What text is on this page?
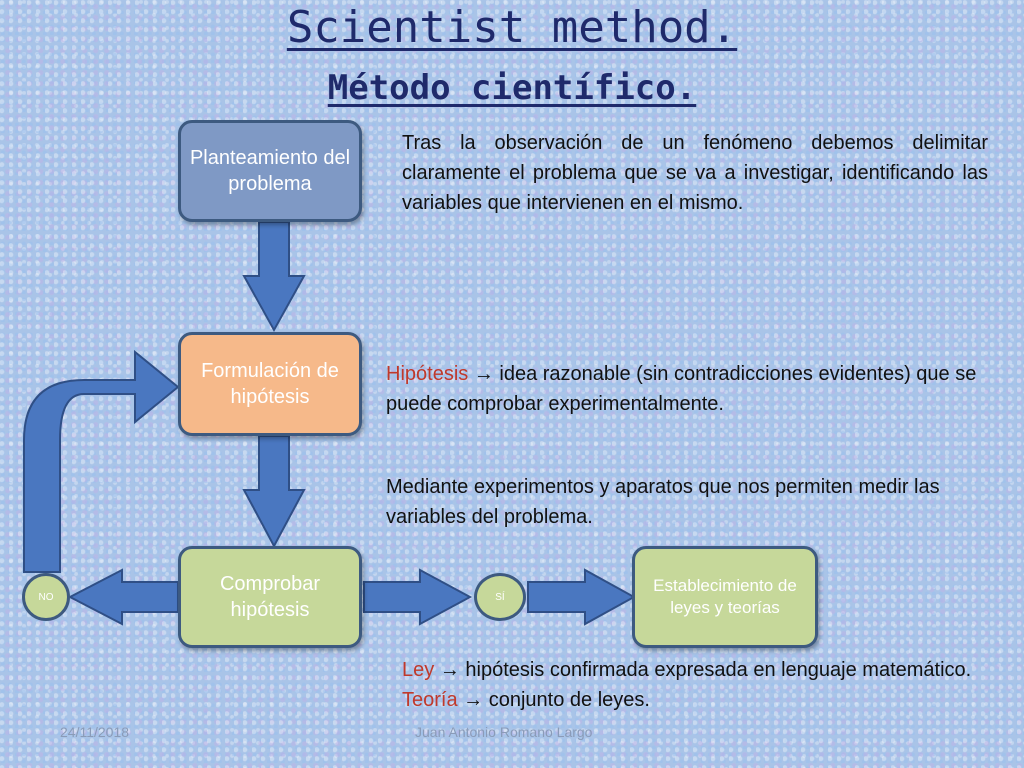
Scientist method.
Método científico.
Planteamiento del problema
Formulación de hipótesis
Comprobar hipótesis
Establecimiento de leyes y teorías
NO	SÍ
Tras la observación de un fenómeno debemos delimitar claramente el problema que se va a investigar, identificando las variables que intervienen en el mismo.
Hipótesis → idea razonable (sin contradicciones evidentes) que se puede comprobar experimentalmente.
Mediante experimentos y aparatos que nos permiten medir las variables del problema.
Ley → hipótesis confirmada expresada en lenguaje matemático. Teoría → conjunto de leyes.
24/11/2018	Juan Antonio Romano Largo
